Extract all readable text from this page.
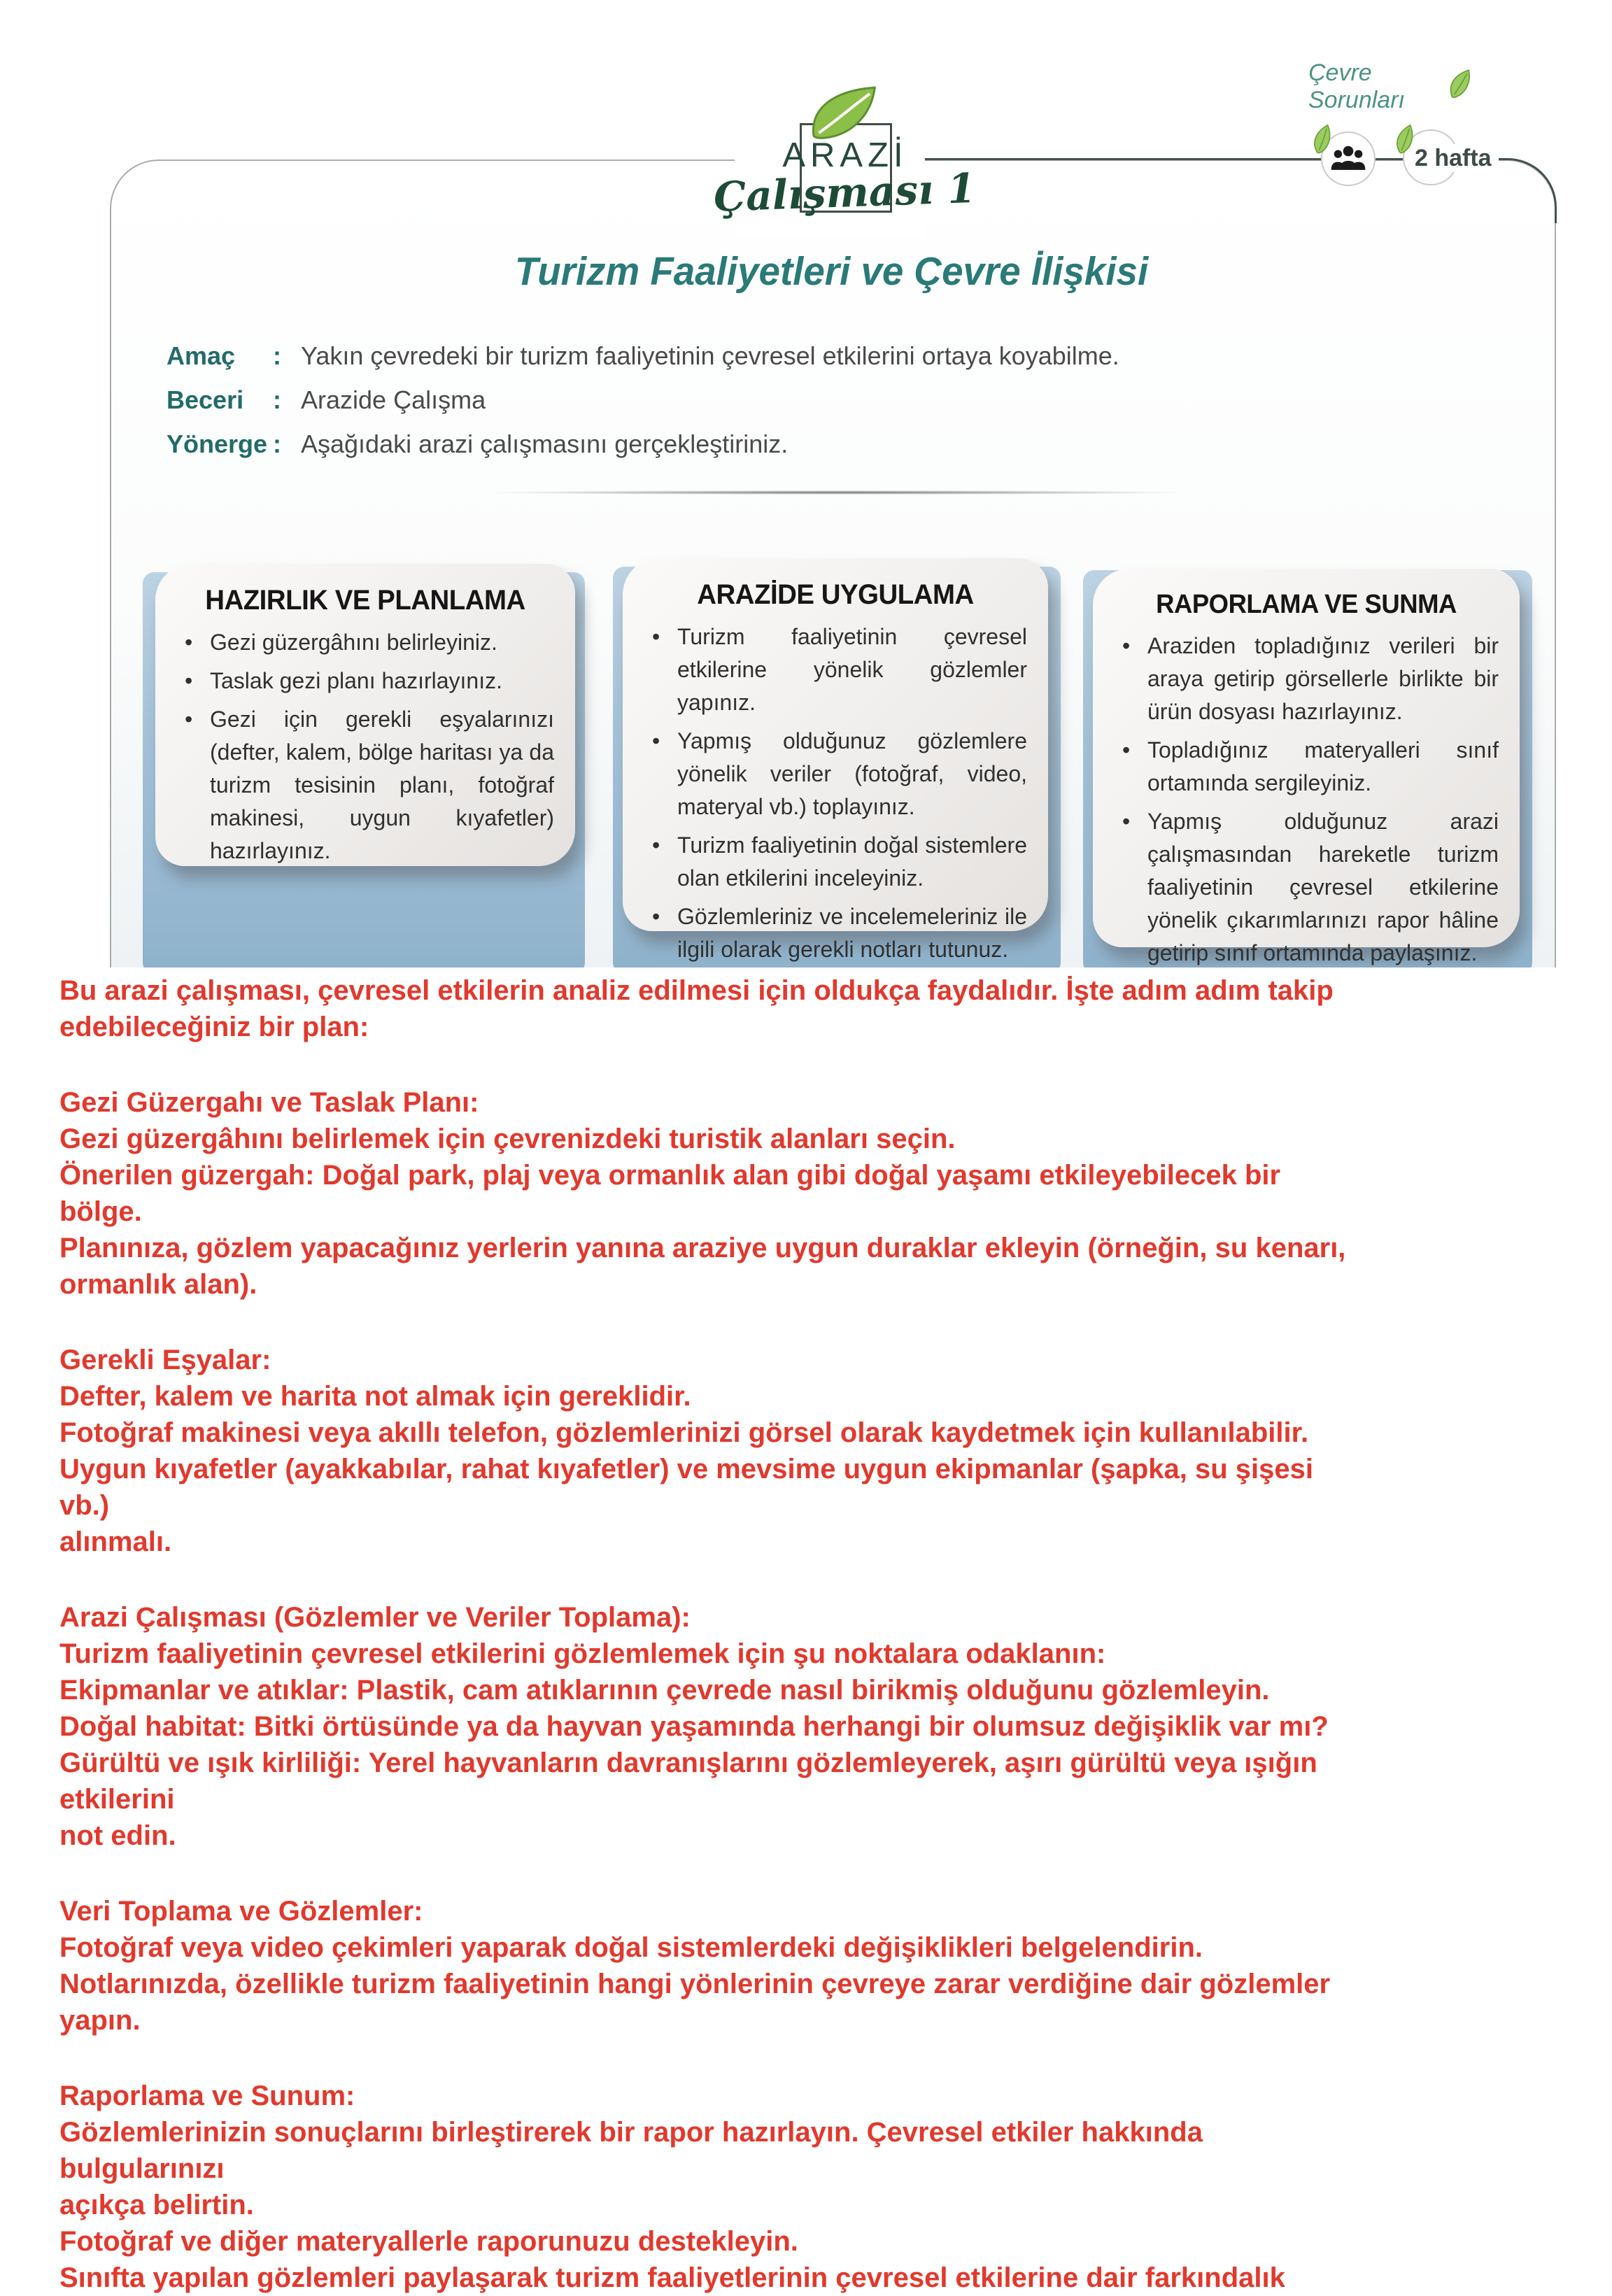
Çevre Sorunları
2 hafta
ARAZİ
Çalışması 1
Turizm Faaliyetleri ve Çevre İlişkisi
Amaç	: Yakın çevredeki bir turizm faaliyetinin çevresel etkilerini ortaya koyabilme.
Beceri	: Arazide Çalışma
Yönerge : Aşağıdaki arazi çalışmasını gerçekleştiriniz.
HAZIRLIK VE PLANLAMA
• Gezi güzergâhını belirleyiniz.
• Taslak gezi planı hazırlayınız.
• Gezi için gerekli eşyalarınızı (defter, kalem, bölge haritası ya da turizm tesisinin planı, fotoğraf makinesi, uygun kıyafetler) hazırlayınız.
ARAZİDE UYGULAMA
• Turizm faaliyetinin çevresel etkilerine yönelik gözlemler yapınız.
• Yapmış olduğunuz gözlemlere yönelik veriler (fotoğraf, video, materyal vb.) toplayınız.
• Turizm faaliyetinin doğal sistemlere olan etkilerini inceleyiniz.
• Gözlemleriniz ve incelemeleriniz ile ilgili olarak gerekli notları tutunuz.
RAPORLAMA VE SUNMA
• Araziden topladığınız verileri bir araya getirip görsellerle birlikte bir ürün dosyası hazırlayınız.
• Topladığınız materyalleri sınıf ortamında sergileyiniz.
• Yapmış olduğunuz arazi çalışmasından hareketle turizm faaliyetinin çevresel etkilerine yönelik çıkarımlarınızı rapor hâline getirip sınıf ortamında paylaşınız.

Bu arazi çalışması, çevresel etkilerin analiz edilmesi için oldukça faydalıdır. İşte adım adım takip
edebileceğiniz bir plan:

Gezi Güzergahı ve Taslak Planı:
Gezi güzergâhını belirlemek için çevrenizdeki turistik alanları seçin.
Önerilen güzergah: Doğal park, plaj veya ormanlık alan gibi doğal yaşamı etkileyebilecek bir
bölge.
Planınıza, gözlem yapacağınız yerlerin yanına araziye uygun duraklar ekleyin (örneğin, su kenarı,
ormanlık alan).

Gerekli Eşyalar:
Defter, kalem ve harita not almak için gereklidir.
Fotoğraf makinesi veya akıllı telefon, gözlemlerinizi görsel olarak kaydetmek için kullanılabilir.
Uygun kıyafetler (ayakkabılar, rahat kıyafetler) ve mevsime uygun ekipmanlar (şapka, su şişesi
vb.)
alınmalı.

Arazi Çalışması (Gözlemler ve Veriler Toplama):
Turizm faaliyetinin çevresel etkilerini gözlemlemek için şu noktalara odaklanın:
Ekipmanlar ve atıklar: Plastik, cam atıklarının çevrede nasıl birikmiş olduğunu gözlemleyin.
Doğal habitat: Bitki örtüsünde ya da hayvan yaşamında herhangi bir olumsuz değişiklik var mı?
Gürültü ve ışık kirliliği: Yerel hayvanların davranışlarını gözlemleyerek, aşırı gürültü veya ışığın
etkilerini
not edin.

Veri Toplama ve Gözlemler:
Fotoğraf veya video çekimleri yaparak doğal sistemlerdeki değişiklikleri belgelendirin.
Notlarınızda, özellikle turizm faaliyetinin hangi yönlerinin çevreye zarar verdiğine dair gözlemler
yapın.

Raporlama ve Sunum:
Gözlemlerinizin sonuçlarını birleştirerek bir rapor hazırlayın. Çevresel etkiler hakkında
bulgularınızı
açıkça belirtin.
Fotoğraf ve diğer materyallerle raporunuzu destekleyin.
Sınıfta yapılan gözlemleri paylaşarak turizm faaliyetlerinin çevresel etkilerine dair farkındalık
